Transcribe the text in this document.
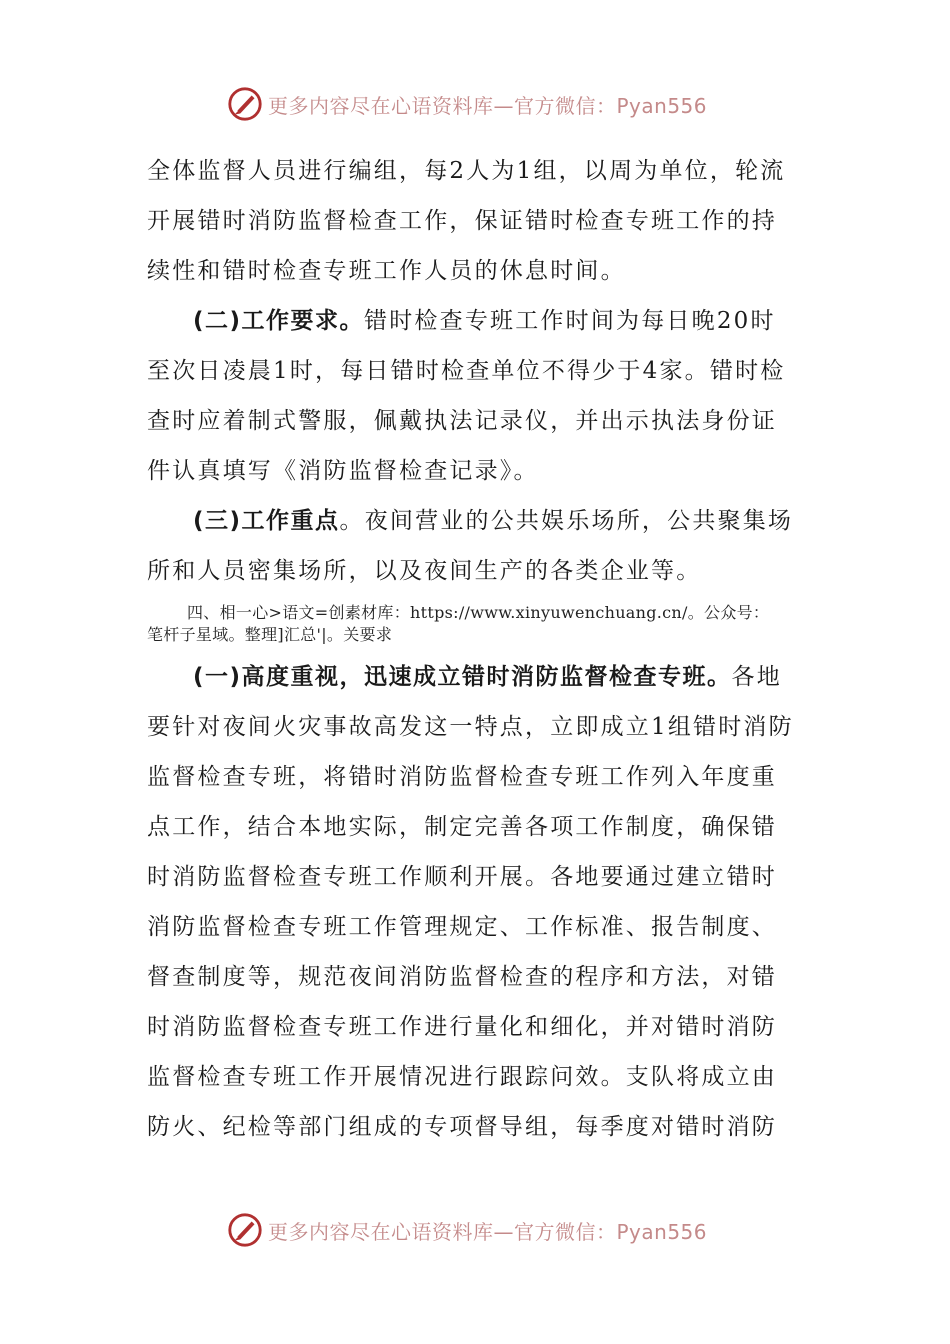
更多内容尽在心语资料库—官方微信：Pyan556
全体监督人员进行编组，每2人为1组，以周为单位，轮流
开展错时消防监督检查工作，保证错时检查专班工作的持
续性和错时检查专班工作人员的休息时间。
(二)工作要求。错时检查专班工作时间为每日晚20时
至次日凌晨1时，每日错时检查单位不得少于4家。错时检
查时应着制式警服，佩戴执法记录仪，并出示执法身份证
件认真填写《消防监督检查记录》。
(三)工作重点。夜间营业的公共娱乐场所，公共聚集场
所和人员密集场所，以及夜间生产的各类企业等。
四、相一心>语文=创素材库：https://www.xinyuwenchuang.cn/。公众号：
笔杆子星域。整理]汇总'|。关要求
(一)高度重视，迅速成立错时消防监督检查专班。各地
要针对夜间火灾事故高发这一特点，立即成立1组错时消防
监督检查专班，将错时消防监督检查专班工作列入年度重
点工作，结合本地实际，制定完善各项工作制度，确保错
时消防监督检查专班工作顺利开展。各地要通过建立错时
消防监督检查专班工作管理规定、工作标准、报告制度、
督查制度等，规范夜间消防监督检查的程序和方法，对错
时消防监督检查专班工作进行量化和细化，并对错时消防
监督检查专班工作开展情况进行跟踪问效。支队将成立由
防火、纪检等部门组成的专项督导组，每季度对错时消防
更多内容尽在心语资料库—官方微信：Pyan556
